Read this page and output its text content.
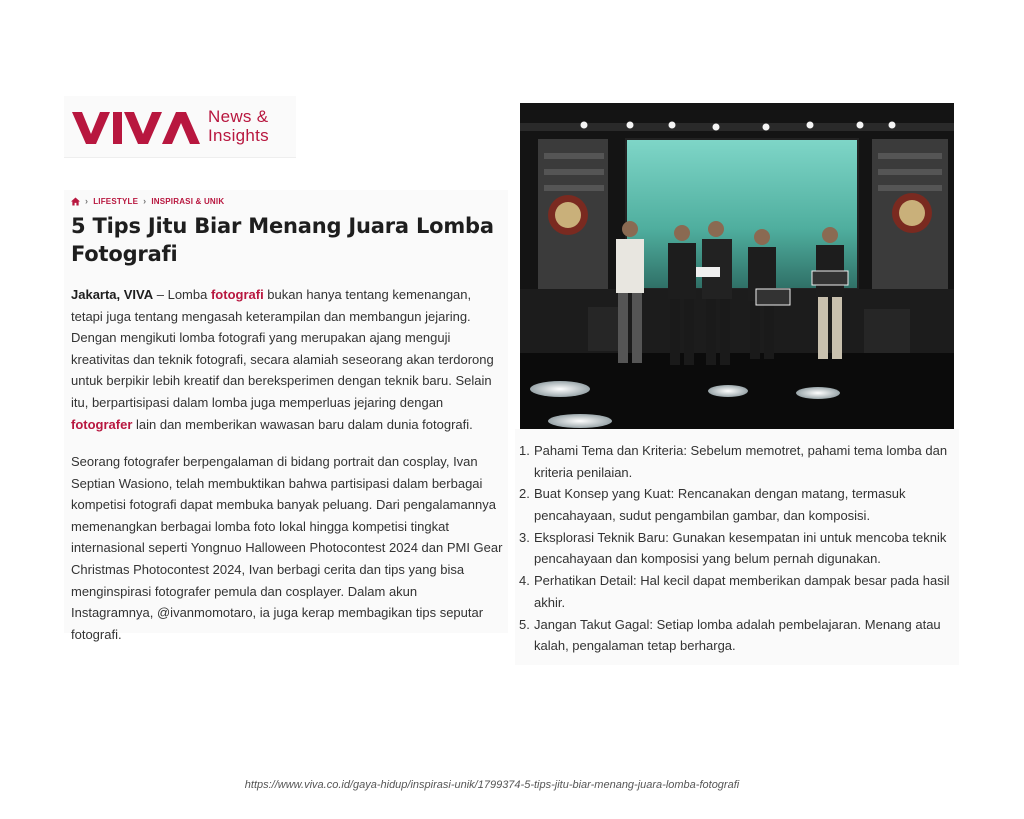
News &
Insights
› LIFESTYLE › INSPIRASI & UNIK
5 Tips Jitu Biar Menang Juara Lomba Fotografi

Jakarta, VIVA – Lomba fotografi bukan hanya tentang kemenangan, tetapi juga tentang mengasah keterampilan dan membangun jejaring. Dengan mengikuti lomba fotografi yang merupakan ajang menguji kreativitas dan teknik fotografi, secara alamiah seseorang akan terdorong untuk berpikir lebih kreatif dan bereksperimen dengan teknik baru. Selain itu, berpartisipasi dalam lomba juga memperluas jejaring dengan fotografer lain dan memberikan wawasan baru dalam dunia fotografi.

Seorang fotografer berpengalaman di bidang portrait dan cosplay, Ivan Septian Wasiono, telah membuktikan bahwa partisipasi dalam berbagai kompetisi fotografi dapat membuka banyak peluang. Dari pengalamannya memenangkan berbagai lomba foto lokal hingga kompetisi tingkat internasional seperti Yongnuo Halloween Photocontest 2024 dan PMI Gear Christmas Photocontest 2024, Ivan berbagi cerita dan tips yang bisa menginspirasi fotografer pemula dan cosplayer. Dalam akun Instagramnya, @ivanmomotaro, ia juga kerap membagikan tips seputar fotografi.

1. Pahami Tema dan Kriteria: Sebelum memotret, pahami tema lomba dan kriteria penilaian.
2. Buat Konsep yang Kuat: Rencanakan dengan matang, termasuk pencahayaan, sudut pengambilan gambar, dan komposisi.
3. Eksplorasi Teknik Baru: Gunakan kesempatan ini untuk mencoba teknik pencahayaan dan komposisi yang belum pernah digunakan.
4. Perhatikan Detail: Hal kecil dapat memberikan dampak besar pada hasil akhir.
5. Jangan Takut Gagal: Setiap lomba adalah pembelajaran. Menang atau kalah, pengalaman tetap berharga.
https://www.viva.co.id/gaya-hidup/inspirasi-unik/1799374-5-tips-jitu-biar-menang-juara-lomba-fotografi
